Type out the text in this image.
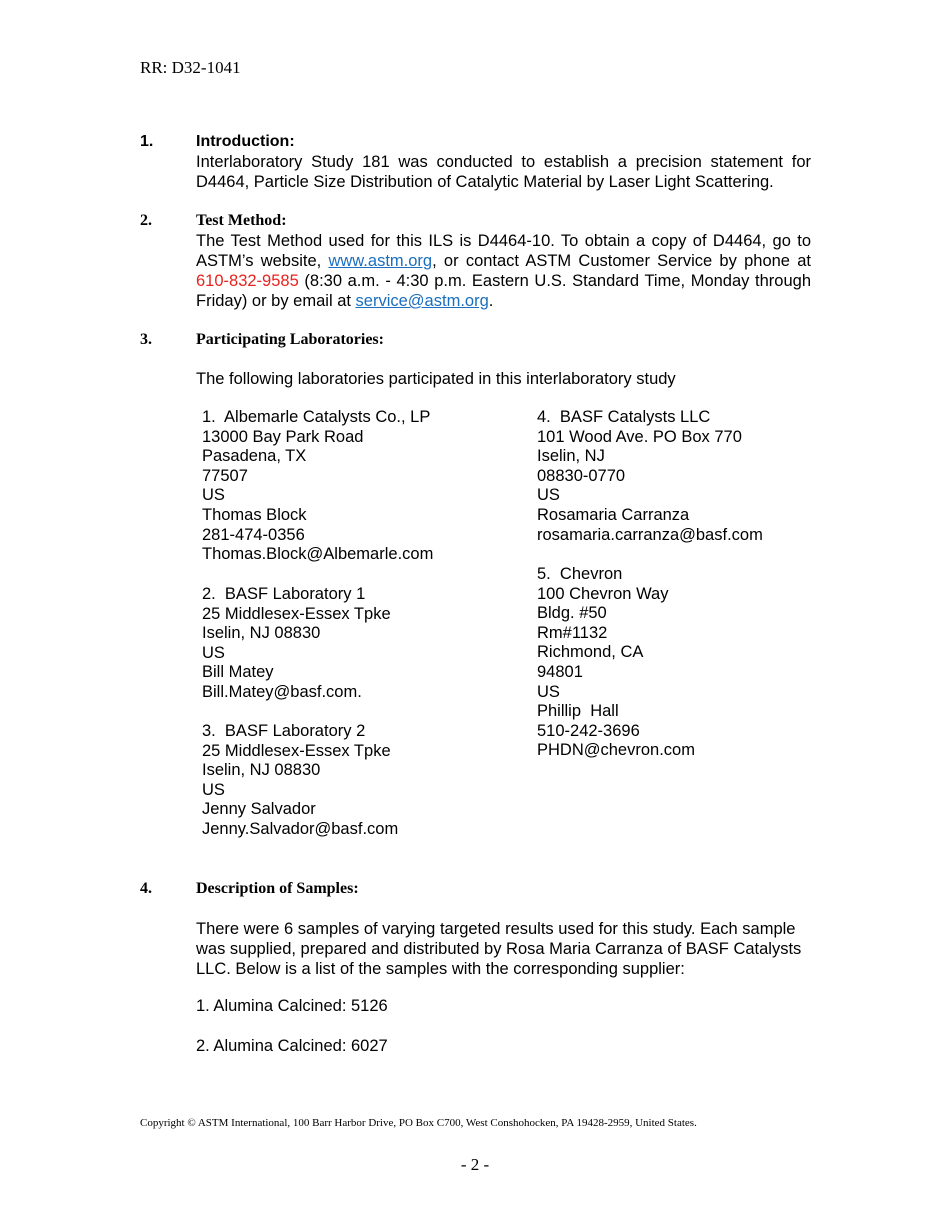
RR: D32-1041
1.	Introduction:
Interlaboratory Study 181 was conducted to establish a precision statement for D4464, Particle Size Distribution of Catalytic Material by Laser Light Scattering.
2.	Test Method:
The Test Method used for this ILS is D4464-10. To obtain a copy of D4464, go to ASTM’s website, www.astm.org, or contact ASTM Customer Service by phone at 610-832-9585 (8:30 a.m. - 4:30 p.m. Eastern U.S. Standard Time, Monday through Friday) or by email at service@astm.org.
3.	Participating Laboratories:
The following laboratories participated in this interlaboratory study
1.  Albemarle Catalysts Co., LP
13000 Bay Park Road
Pasadena, TX
77507
US
Thomas Block
281-474-0356
Thomas.Block@Albemarle.com
2.  BASF Laboratory 1
25 Middlesex-Essex Tpke
Iselin, NJ 08830
US
Bill Matey
Bill.Matey@basf.com.
3.  BASF Laboratory 2
25 Middlesex-Essex Tpke
Iselin, NJ 08830
US
Jenny Salvador
Jenny.Salvador@basf.com
4.  BASF Catalysts LLC
101 Wood Ave. PO Box 770
Iselin, NJ
08830-0770
US
Rosamaria Carranza
rosamaria.carranza@basf.com
5.  Chevron
100 Chevron Way
Bldg. #50
Rm#1132
Richmond, CA
94801
US
Phillip  Hall
510-242-3696
PHDN@chevron.com
4.	Description of Samples:
There were 6 samples of varying targeted results used for this study. Each sample was supplied, prepared and distributed by Rosa Maria Carranza of BASF Catalysts LLC. Below is a list of the samples with the corresponding supplier:
1. Alumina Calcined: 5126
2. Alumina Calcined: 6027
Copyright © ASTM International, 100 Barr Harbor Drive, PO Box C700, West Conshohocken, PA 19428-2959, United States.
- 2 -
